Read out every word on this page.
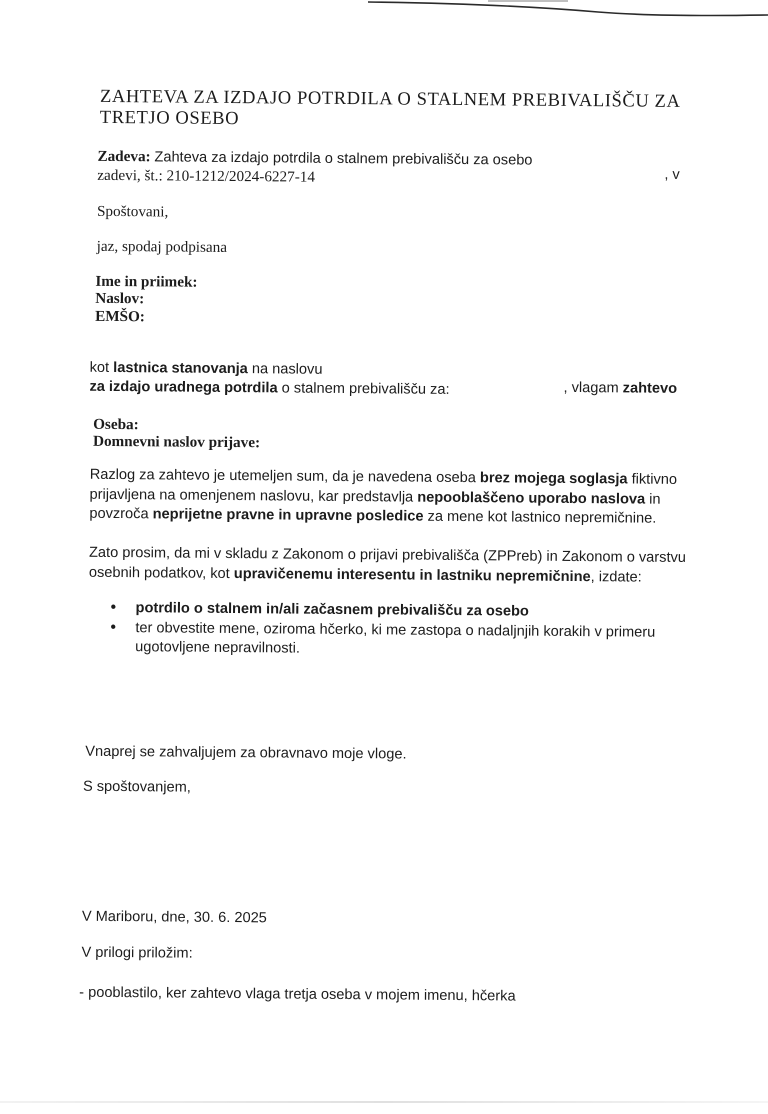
ZAHTEVA ZA IZDAJO POTRDILA O STALNEM PREBIVALIŠČU ZA TRETJO OSEBO
Zadeva: Zahteva za izdajo potrdila o stalnem prebivališču za osebo
, v
zadevi, št.: 210-1212/2024-6227-14
Spoštovani,
jaz, spodaj podpisana
Ime in priimek:
Naslov:
EMŠO:
kot lastnica stanovanja na naslovu
, vlagam zahtevo
za izdajo uradnega potrdila o stalnem prebivališču za:
Oseba:
Domnevni naslov prijave:
Razlog za zahtevo je utemeljen sum, da je navedena oseba brez mojega soglasja fiktivno prijavljena na omenjenem naslovu, kar predstavlja nepooblaščeno uporabo naslova in povzroča neprijetne pravne in upravne posledice za mene kot lastnico nepremičnine.
Zato prosim, da mi v skladu z Zakonom o prijavi prebivališča (ZPPreb) in Zakonom o varstvu osebnih podatkov, kot upravičenemu interesentu in lastniku nepremičnine, izdate:
• potrdilo o stalnem in/ali začasnem prebivališču za osebo
• ter obvestite mene, oziroma hčerko, ki me zastopa o nadaljnjih korakih v primeru ugotovljene nepravilnosti.
Vnaprej se zahvaljujem za obravnavo moje vloge.
S spoštovanjem,
V Mariboru, dne, 30. 6. 2025
V prilogi priložim:
- pooblastilo, ker zahtevo vlaga tretja oseba v mojem imenu, hčerka
